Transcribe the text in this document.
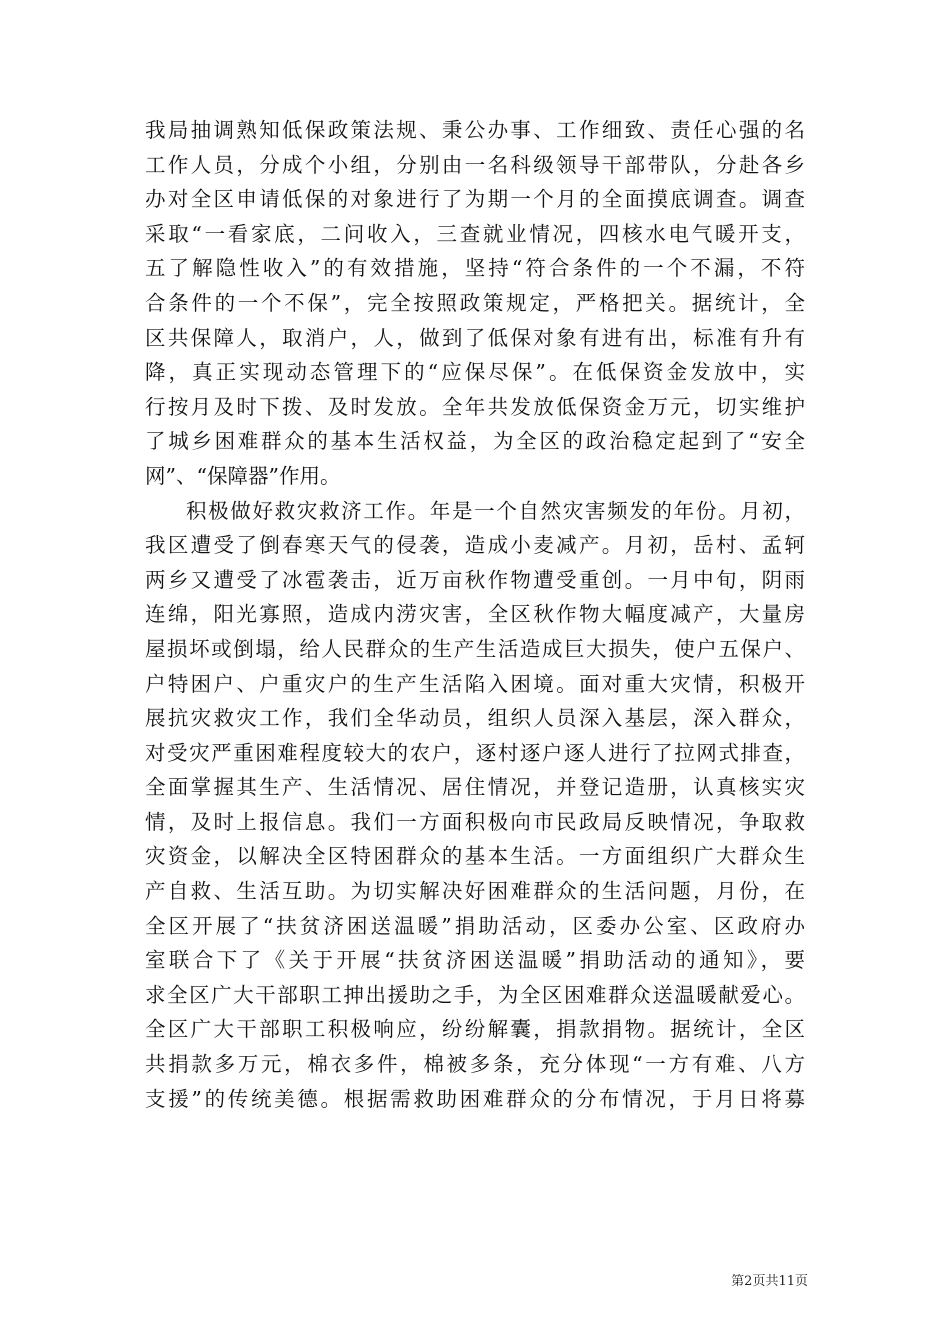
我局抽调熟知低保政策法规、秉公办事、工作细致、责任心强的名
工作人员，分成个小组，分别由一名科级领导干部带队，分赴各乡
办对全区申请低保的对象进行了为期一个月的全面摸底调查。调查
采取“一看家底，二问收入，三查就业情况，四核水电气暖开支，
五了解隐性收入”的有效措施，坚持“符合条件的一个不漏，不符
合条件的一个不保”，完全按照政策规定，严格把关。据统计，全
区共保障人，取消户，人，做到了低保对象有进有出，标准有升有
降，真正实现动态管理下的“应保尽保”。在低保资金发放中，实
行按月及时下拨、及时发放。全年共发放低保资金万元，切实维护
了城乡困难群众的基本生活权益，为全区的政治稳定起到了“安全
网”、“保障器”作用。
积极做好救灾救济工作。年是一个自然灾害频发的年份。月初，
我区遭受了倒春寒天气的侵袭，造成小麦减产。月初，岳村、孟轲
两乡又遭受了冰雹袭击，近万亩秋作物遭受重创。一月中旬，阴雨
连绵，阳光寡照，造成内涝灾害，全区秋作物大幅度减产，大量房
屋损坏或倒塌，给人民群众的生产生活造成巨大损失，使户五保户、
户特困户、户重灾户的生产生活陷入困境。面对重大灾情，积极开
展抗灾救灾工作，我们全华动员，组织人员深入基层，深入群众，
对受灾严重困难程度较大的农户，逐村逐户逐人进行了拉网式排查，
全面掌握其生产、生活情况、居住情况，并登记造册，认真核实灾
情，及时上报信息。我们一方面积极向市民政局反映情况，争取救
灾资金，以解决全区特困群众的基本生活。一方面组织广大群众生
产自救、生活互助。为切实解决好困难群众的生活问题，月份，在
全区开展了“扶贫济困送温暖”捐助活动，区委办公室、区政府办
室联合下了《关于开展“扶贫济困送温暖”捐助活动的通知》，要
求全区广大干部职工抻出援助之手，为全区困难群众送温暖献爱心。
全区广大干部职工积极响应，纷纷解囊，捐款捐物。据统计，全区
共捐款多万元，棉衣多件，棉被多条，充分体现“一方有难、八方
支援”的传统美德。根据需救助困难群众的分布情况，于月日将募
第2页共11页
